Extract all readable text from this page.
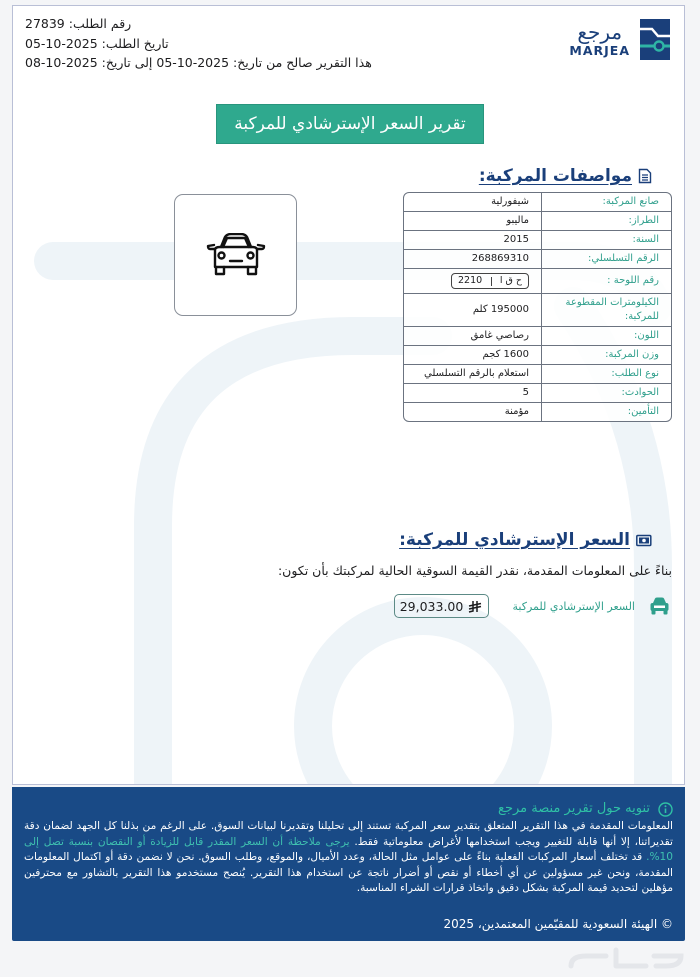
رقم الطلب: 27839
تاريخ الطلب: 2025-10-05
هذا التقرير صالح من تاريخ: 2025-10-05 إلى تاريخ: 2025-10-08
مرجع
MARJEA
تقرير السعر الإسترشادي للمركبة
مواصفات المركبة:
صانع المركبة:
شيفورلية
الطراز:
ماليبو
السنة:
2015
الرقم التسلسلي:
268869310
رقم اللوحة :
ح ق ا
2210
الكيلومترات المقطوعة للمركبة:
195000 كلم
اللون:
رصاصي غامق
وزن المركبة:
1600 كجم
نوع الطلب:
استعلام بالرقم التسلسلي
الحوادث:
5
التأمين:
مؤمنة
السعر الإسترشادي للمركبة:
بناءً على المعلومات المقدمة، نقدر القيمة السوقية الحالية لمركبتك بأن تكون:
السعر الإسترشادي للمركبة
29,033.00
تنويه حول تقرير منصة مرجع
المعلومات المقدمة في هذا التقرير المتعلق بتقدير سعر المركبة تستند إلى تحليلنا وتقديرنا لبيانات السوق. على الرغم من بذلنا كل الجهد لضمان دقة تقديراتنا، إلا أنها قابلة للتغيير ويجب استخدامها لأغراض معلوماتية فقط. يرجى ملاحظة أن السعر المقدر قابل للزيادة أو النقصان بنسبة تصل إلى 10%. قد تختلف أسعار المركبات الفعلية بناءً على عوامل مثل الحالة، وعدد الأميال، والموقع، وطلب السوق. نحن لا نضمن دقة أو اكتمال المعلومات المقدمة، ونحن غير مسؤولين عن أي أخطاء أو نقص أو أضرار ناتجة عن استخدام هذا التقرير. يُنصح مستخدمو هذا التقرير بالتشاور مع محترفين مؤهلين لتحديد قيمة المركبة بشكل دقيق واتخاذ قرارات الشراء المناسبة.
© الهيئة السعودية للمقيّمين المعتمدين، 2025
